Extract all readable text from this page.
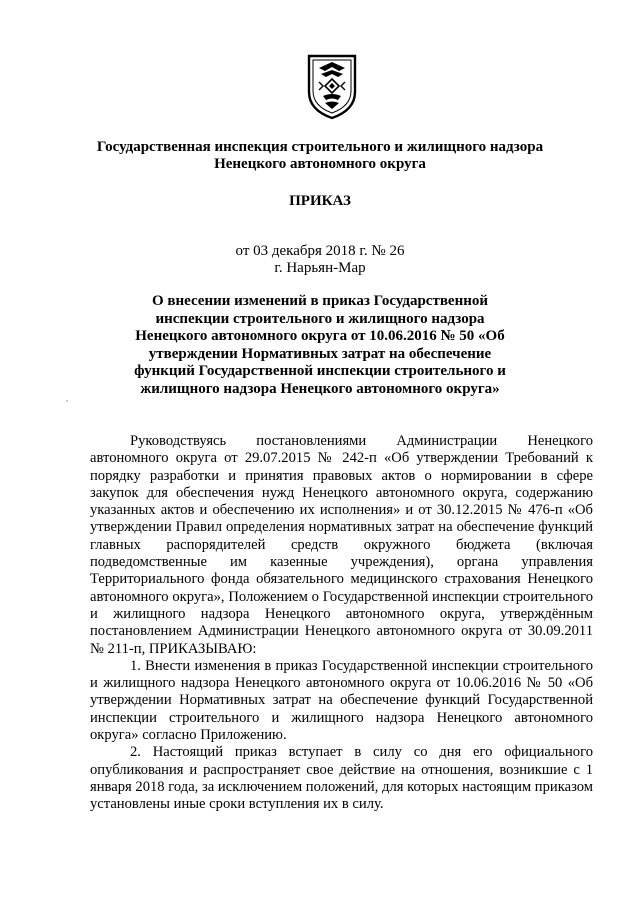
Государственная инспекция строительного и жилищного надзора
Ненецкого автономного округа
ПРИКАЗ
от 03 декабря 2018 г. № 26
г. Нарьян-Мар
О внесении изменений в приказ Государственной инспекции строительного и жилищного надзора Ненецкого автономного округа от 10.06.2016 № 50 «Об утверждении Нормативных затрат на обеспечение функций Государственной инспекции строительного и жилищного надзора Ненецкого автономного округа»

Руководствуясь постановлениями Администрации Ненецкого автономного округа от 29.07.2015 № 242-п «Об утверждении Требований к порядку разработки и принятия правовых актов о нормировании в сфере закупок для обеспечения нужд Ненецкого автономного округа, содержанию указанных актов и обеспечению их исполнения» и от 30.12.2015 № 476-п «Об утверждении Правил определения нормативных затрат на обеспечение функций главных распорядителей средств окружного бюджета (включая подведомственные им казенные учреждения), органа управления Территориального фонда обязательного медицинского страхования Ненецкого автономного округа», Положением о Государственной инспекции строительного и жилищного надзора Ненецкого автономного округа, утверждённым постановлением Администрации Ненецкого автономного округа от 30.09.2011 № 211-п, ПРИКАЗЫВАЮ:

1. Внести изменения в приказ Государственной инспекции строительного и жилищного надзора Ненецкого автономного округа от 10.06.2016 № 50 «Об утверждении Нормативных затрат на обеспечение функций Государственной инспекции строительного и жилищного надзора Ненецкого автономного округа» согласно Приложению.

2. Настоящий приказ вступает в силу со дня его официального опубликования и распространяет свое действие на отношения, возникшие с 1 января 2018 года, за исключением положений, для которых настоящим приказом установлены иные сроки вступления их в силу.
